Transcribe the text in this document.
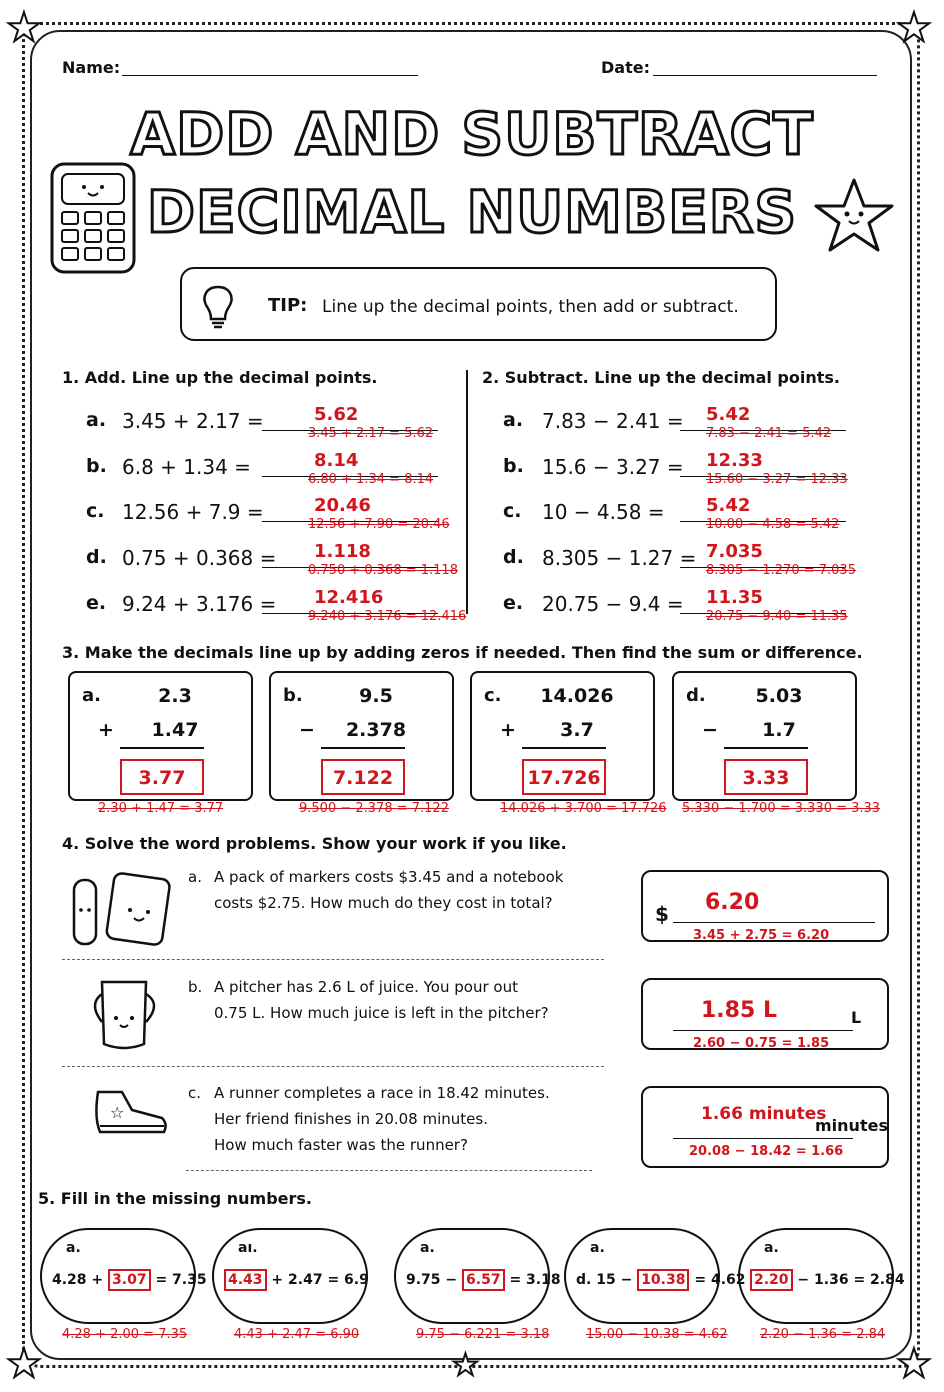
★	★
★	★
★
Name:	Date:
ADD AND SUBTRACT
DECIMAL NUMBERS
TIP: Line up the decimal points, then add or subtract.
1. Add. Line up the decimal points.
a. 3.45 + 2.17 =	5.62
3.45 + 2.17 = 5.62
b. 6.8 + 1.34 =	8.14
6.80 + 1.34 = 8.14
c. 12.56 + 7.9 =	20.46
12.56 + 7.90 = 20.46
d. 0.75 + 0.368 = 1.118
0.750 + 0.368 = 1.118
e. 9.24 + 3.176 = 12.416
9.240 + 3.176 = 12.416
2. Subtract. Line up the decimal points.
a. 7.83 − 2.41 = 5.42
7.83 − 2.41 = 5.42
b. 15.6 − 3.27 = 12.33
15.60 − 3.27 = 12.33
c. 10 − 4.58 = 5.42
10.00 − 4.58 = 5.42
d. 8.305 − 1.27 = 7.035
8.305 − 1.270 = 7.035
e. 20.75 − 9.4 = 11.35
20.75 − 9.40 = 11.35
3. Make the decimals line up by adding zeros if needed. Then find the sum or difference.
a.	2.3
+	1.47
3.77
2.30 + 1.47 = 3.77
b.	9.5
−	2.378
7.122
9.500 − 2.378 = 7.122
c.	14.026
+	3.7
17.726
14.026 + 3.700 = 17.726
d.	5.03
−	1.7
3.33
5.330 − 1.700 = 3.330 = 3.33
4. Solve the word problems. Show your work if you like.
☆
a. A pack of markers costs $3.45 and a notebook
costs $2.75. How much do they cost in total?	$ 6.20
3.45 + 2.75 = 6.20
b. A pitcher has 2.6 L of juice. You pour out
0.75 L. How much juice is left in the pitcher?	1.85 L	L
2.60 − 0.75 = 1.85
c. A runner completes a race in 18.42 minutes.
Her friend finishes in 20.08 minutes.
How much faster was the runner?
1.66 minutes
minutes
20.08 − 18.42 = 1.66
5. Fill in the missing numbers.
a.
4.28 + 3.07 = 7.35
4.28 + 2.00 = 7.35
aı.
4.43 + 2.47 = 6.9
4.43 + 2.47 = 6.90
a.
9.75 − 6.57 = 3.18
9.75 − 6.221 = 3.18
a.
d. 15 − 10.38 = 4.62
15.00 − 10.38 = 4.62
a.
2.20 − 1.36 = 2.84
2.20 − 1.36 = 2.84
